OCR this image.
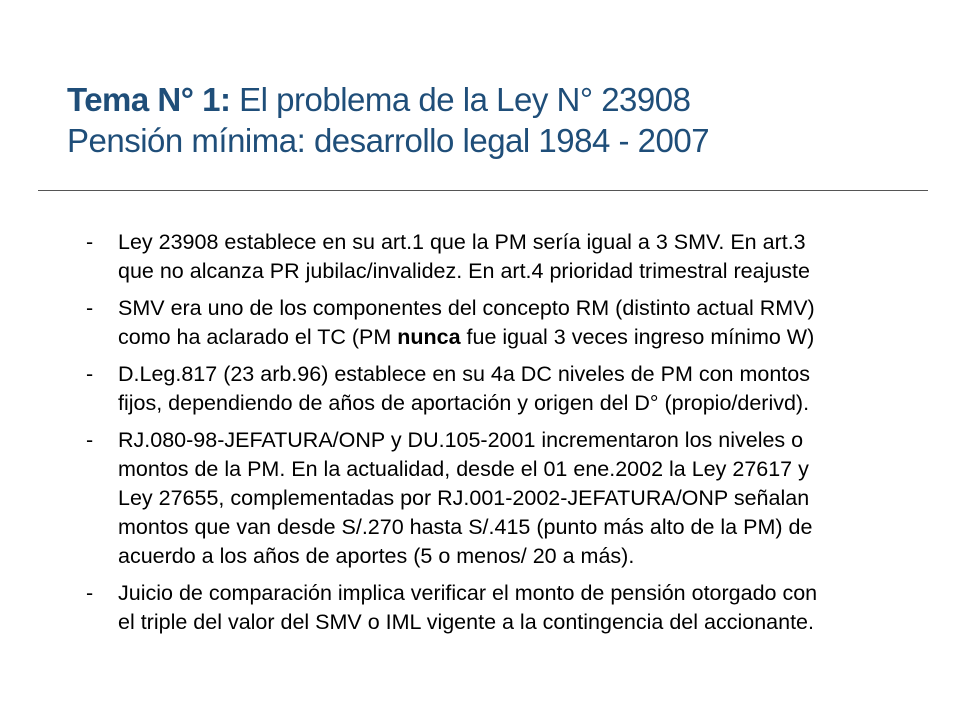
Tema N° 1: El problema de la Ley N° 23908
Pensión mínima: desarrollo legal 1984 - 2007
- Ley 23908 establece en su art.1 que la PM sería igual a 3 SMV. En art.3
que no alcanza PR jubilac/invalidez. En art.4 prioridad trimestral reajuste
- SMV era uno de los componentes del concepto RM (distinto actual RMV)
como ha aclarado el TC (PM nunca fue igual 3 veces ingreso mínimo W)
- D.Leg.817 (23 arb.96) establece en su 4a DC niveles de PM con montos
fijos, dependiendo de años de aportación y origen del D° (propio/derivd).
- RJ.080-98-JEFATURA/ONP y DU.105-2001 incrementaron los niveles o
montos de la PM. En la actualidad, desde el 01 ene.2002 la Ley 27617 y
Ley 27655, complementadas por RJ.001-2002-JEFATURA/ONP señalan
montos que van desde S/.270 hasta S/.415 (punto más alto de la PM) de
acuerdo a los años de aportes (5 o menos/ 20 a más).
- Juicio de comparación implica verificar el monto de pensión otorgado con
el triple del valor del SMV o IML vigente a la contingencia del accionante.
